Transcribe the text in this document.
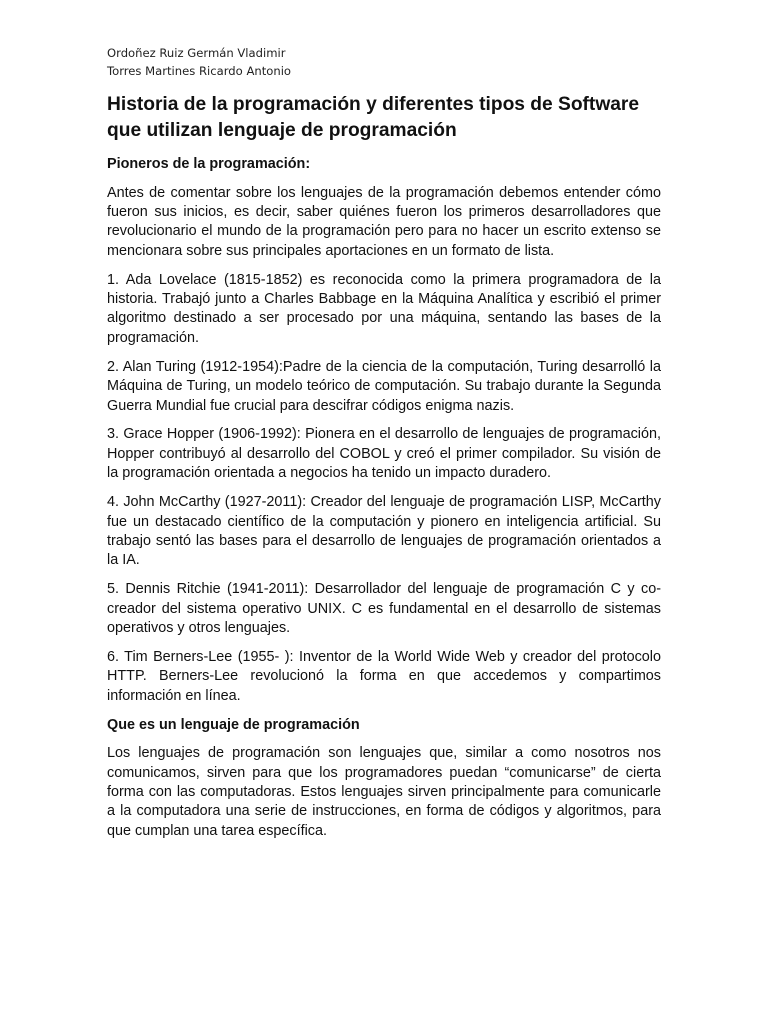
Ordoñez Ruiz Germán Vladimir
Torres Martines Ricardo Antonio
Historia de la programación y diferentes tipos de Software que utilizan lenguaje de programación
Pioneros de la programación:

Antes de comentar sobre los lenguajes de la programación debemos entender cómo fueron sus inicios, es decir, saber quiénes fueron los primeros desarrolladores que revolucionario el mundo de la programación pero para no hacer un escrito extenso se mencionara sobre sus principales aportaciones en un formato de lista.

1. Ada Lovelace (1815-1852) es reconocida como la primera programadora de la historia. Trabajó junto a Charles Babbage en la Máquina Analítica y escribió el primer algoritmo destinado a ser procesado por una máquina, sentando las bases de la programación.

2. Alan Turing (1912-1954):Padre de la ciencia de la computación, Turing desarrolló la Máquina de Turing, un modelo teórico de computación. Su trabajo durante la Segunda Guerra Mundial fue crucial para descifrar códigos enigma nazis.

3. Grace Hopper (1906-1992): Pionera en el desarrollo de lenguajes de programación, Hopper contribuyó al desarrollo del COBOL y creó el primer compilador. Su visión de la programación orientada a negocios ha tenido un impacto duradero.

4. John McCarthy (1927-2011): Creador del lenguaje de programación LISP, McCarthy fue un destacado científico de la computación y pionero en inteligencia artificial. Su trabajo sentó las bases para el desarrollo de lenguajes de programación orientados a la IA.

5. Dennis Ritchie (1941-2011): Desarrollador del lenguaje de programación C y co-creador del sistema operativo UNIX. C es fundamental en el desarrollo de sistemas operativos y otros lenguajes.

6. Tim Berners-Lee (1955- ): Inventor de la World Wide Web y creador del protocolo HTTP. Berners-Lee revolucionó la forma en que accedemos y compartimos información en línea.

Que es un lenguaje de programación

Los lenguajes de programación son lenguajes que, similar a como nosotros nos comunicamos, sirven para que los programadores puedan “comunicarse” de cierta forma con las computadoras. Estos lenguajes sirven principalmente para comunicarle a la computadora una serie de instrucciones, en forma de códigos y algoritmos, para que cumplan una tarea específica.
